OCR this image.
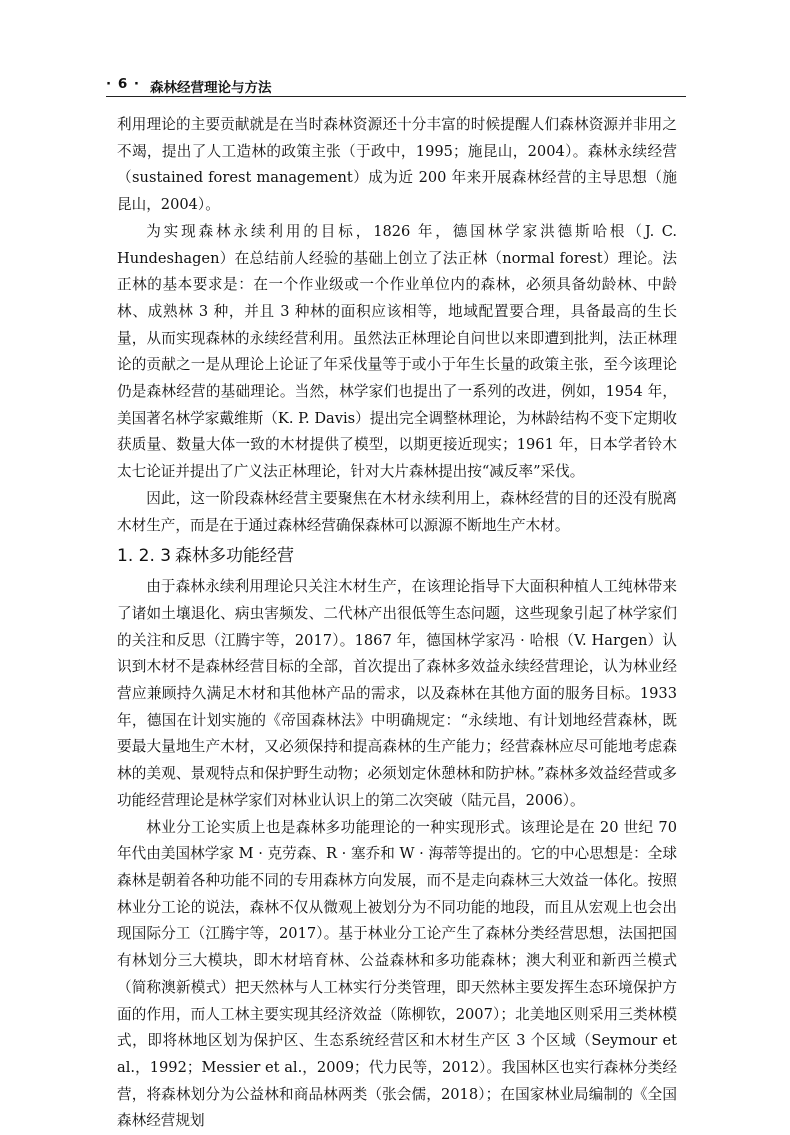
· 6 · 森林经营理论与方法

利用理论的主要贡献就是在当时森林资源还十分丰富的时候提醒人们森林资源并非用之不竭，提出了人工造林的政策主张（于政中，1995；施昆山，2004）。森林永续经营（sustained forest management）成为近 200 年来开展森林经营的主导思想（施昆山，2004）。

为实现森林永续利用的目标，1826 年，德国林学家洪德斯哈根（J. C. Hundeshagen）在总结前人经验的基础上创立了法正林（normal forest）理论。法正林的基本要求是：在一个作业级或一个作业单位内的森林，必须具备幼龄林、中龄林、成熟林 3 种，并且 3 种林的面积应该相等，地域配置要合理，具备最高的生长量，从而实现森林的永续经营利用。虽然法正林理论自问世以来即遭到批判，法正林理论的贡献之一是从理论上论证了年采伐量等于或小于年生长量的政策主张，至今该理论仍是森林经营的基础理论。当然，林学家们也提出了一系列的改进，例如，1954 年，美国著名林学家戴维斯（K. P. Davis）提出完全调整林理论，为林龄结构不变下定期收获质量、数量大体一致的木材提供了模型，以期更接近现实；1961 年，日本学者铃木太七论证并提出了广义法正林理论，针对大片森林提出按“减反率”采伐。

因此，这一阶段森林经营主要聚焦在木材永续利用上，森林经营的目的还没有脱离木材生产，而是在于通过森林经营确保森林可以源源不断地生产木材。

1. 2. 3 森林多功能经营

由于森林永续利用理论只关注木材生产，在该理论指导下大面积种植人工纯林带来了诸如土壤退化、病虫害频发、二代林产出很低等生态问题，这些现象引起了林学家们的关注和反思（江腾宇等，2017）。1867 年，德国林学家冯 · 哈根（V. Hargen）认识到木材不是森林经营目标的全部，首次提出了森林多效益永续经营理论，认为林业经营应兼顾持久满足木材和其他林产品的需求，以及森林在其他方面的服务目标。1933 年，德国在计划实施的《帝国森林法》中明确规定：“永续地、有计划地经营森林，既要最大量地生产木材，又必须保持和提高森林的生产能力；经营森林应尽可能地考虑森林的美观、景观特点和保护野生动物；必须划定休憩林和防护林。”森林多效益经营或多功能经营理论是林学家们对林业认识上的第二次突破（陆元昌，2006）。

林业分工论实质上也是森林多功能理论的一种实现形式。该理论是在 20 世纪 70 年代由美国林学家 M · 克劳森、R · 塞乔和 W · 海蒂等提出的。它的中心思想是：全球森林是朝着各种功能不同的专用森林方向发展，而不是走向森林三大效益一体化。按照林业分工论的说法，森林不仅从微观上被划分为不同功能的地段，而且从宏观上也会出现国际分工（江腾宇等，2017）。基于林业分工论产生了森林分类经营思想，法国把国有林划分三大模块，即木材培育林、公益森林和多功能森林；澳大利亚和新西兰模式（简称澳新模式）把天然林与人工林实行分类管理，即天然林主要发挥生态环境保护方面的作用，而人工林主要实现其经济效益（陈柳钦，2007）；北美地区则采用三类林模式，即将林地区划为保护区、生态系统经营区和木材生产区 3 个区域（Seymour et al.，1992；Messier et al.，2009；代力民等，2012）。我国林区也实行森林分类经营，将森林划分为公益林和商品林两类（张会儒，2018）；在国家林业局编制的《全国森林经营规划
